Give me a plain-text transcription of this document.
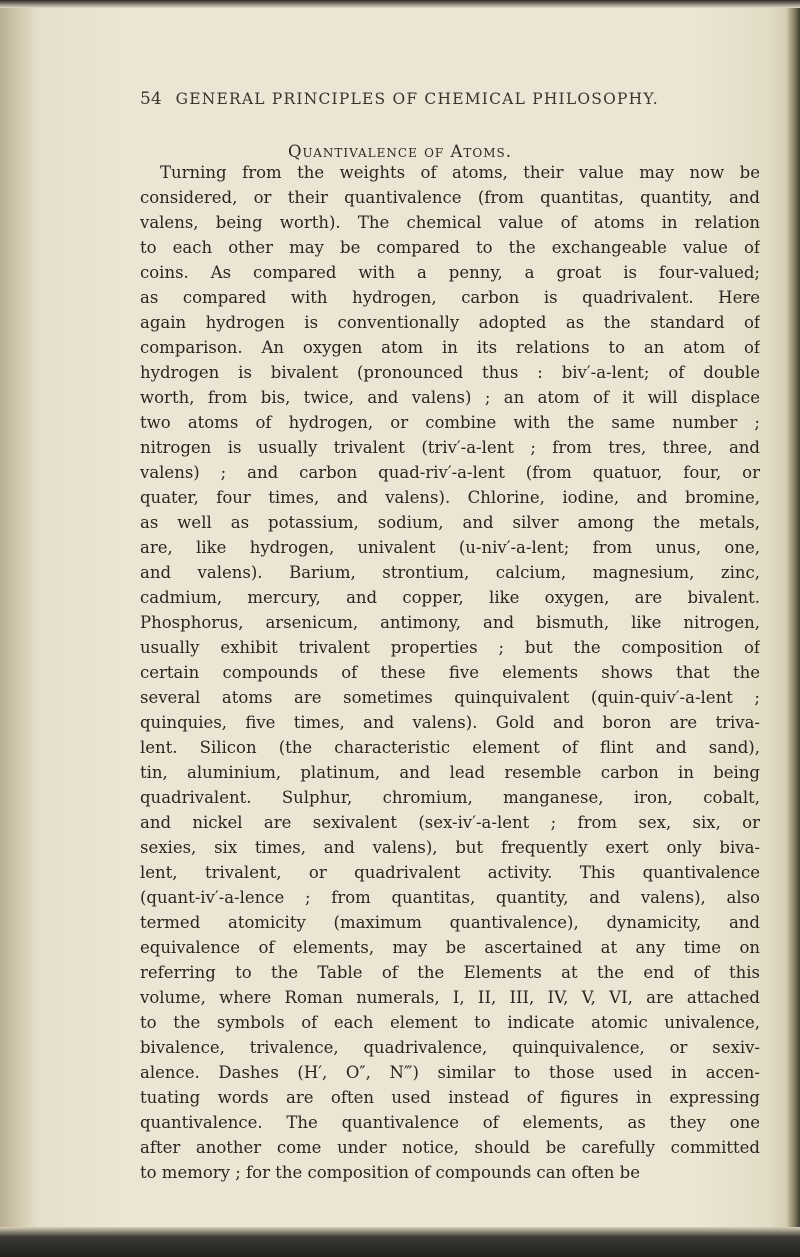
54 GENERAL PRINCIPLES OF CHEMICAL PHILOSOPHY.
Quantivalence of Atoms.
Turning from the weights of atoms, their value may now be
considered, or their quantivalence (from quantitas, quantity, and
valens, being worth). The chemical value of atoms in relation
to each other may be compared to the exchangeable value of
coins. As compared with a penny, a groat is four-valued;
as compared with hydrogen, carbon is quadrivalent. Here
again hydrogen is conventionally adopted as the standard of
comparison. An oxygen atom in its relations to an atom of
hydrogen is bivalent (pronounced thus : biv′-a-lent; of double
worth, from bis, twice, and valens) ; an atom of it will displace
two atoms of hydrogen, or combine with the same number ;
nitrogen is usually trivalent (triv′-a-lent ; from tres, three, and
valens) ; and carbon quad-riv′-a-lent (from quatuor, four, or
quater, four times, and valens). Chlorine, iodine, and bromine,
as well as potassium, sodium, and silver among the metals,
are, like hydrogen, univalent (u-niv′-a-lent; from unus, one,
and valens). Barium, strontium, calcium, magnesium, zinc,
cadmium, mercury, and copper, like oxygen, are bivalent.
Phosphorus, arsenicum, antimony, and bismuth, like nitrogen,
usually exhibit trivalent properties ; but the composition of
certain compounds of these five elements shows that the
several atoms are sometimes quinquivalent (quin-quiv′-a-lent ;
quinquies, five times, and valens). Gold and boron are triva-
lent. Silicon (the characteristic element of flint and sand),
tin, aluminium, platinum, and lead resemble carbon in being
quadrivalent. Sulphur, chromium, manganese, iron, cobalt,
and nickel are sexivalent (sex-iv′-a-lent ; from sex, six, or
sexies, six times, and valens), but frequently exert only biva-
lent, trivalent, or quadrivalent activity. This quantivalence
(quant-iv′-a-lence ; from quantitas, quantity, and valens), also
termed atomicity (maximum quantivalence), dynamicity, and
equivalence of elements, may be ascertained at any time on
referring to the Table of the Elements at the end of this
volume, where Roman numerals, I, II, III, IV, V, VI, are attached
to the symbols of each element to indicate atomic univalence,
bivalence, trivalence, quadrivalence, quinquivalence, or sexiv-
alence. Dashes (H′, O″, N‴) similar to those used in accen-
tuating words are often used instead of figures in expressing
quantivalence. The quantivalence of elements, as they one
after another come under notice, should be carefully committed
to memory ; for the composition of compounds can often be
